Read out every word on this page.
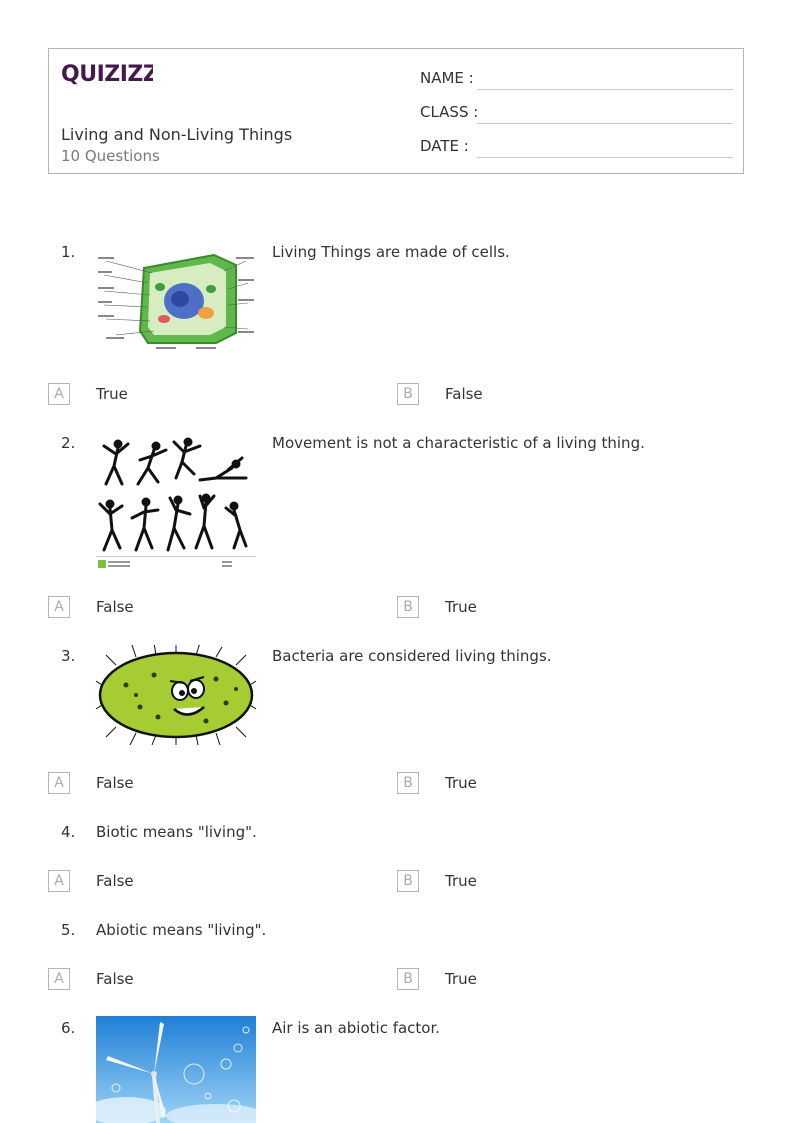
QUIZIZZ
Living and Non-Living Things
10 Questions
NAME :
CLASS :
DATE :
1.	Living Things are made of cells.
A	True	B	False
2.	Movement is not a characteristic of a living thing.
A	False	B	True
3.	Bacteria are considered living things.
A	False	B	True
4. Biotic means "living".
A	False	B	True
5. Abiotic means "living".
A	False	B	True
6.	Air is an abiotic factor.
